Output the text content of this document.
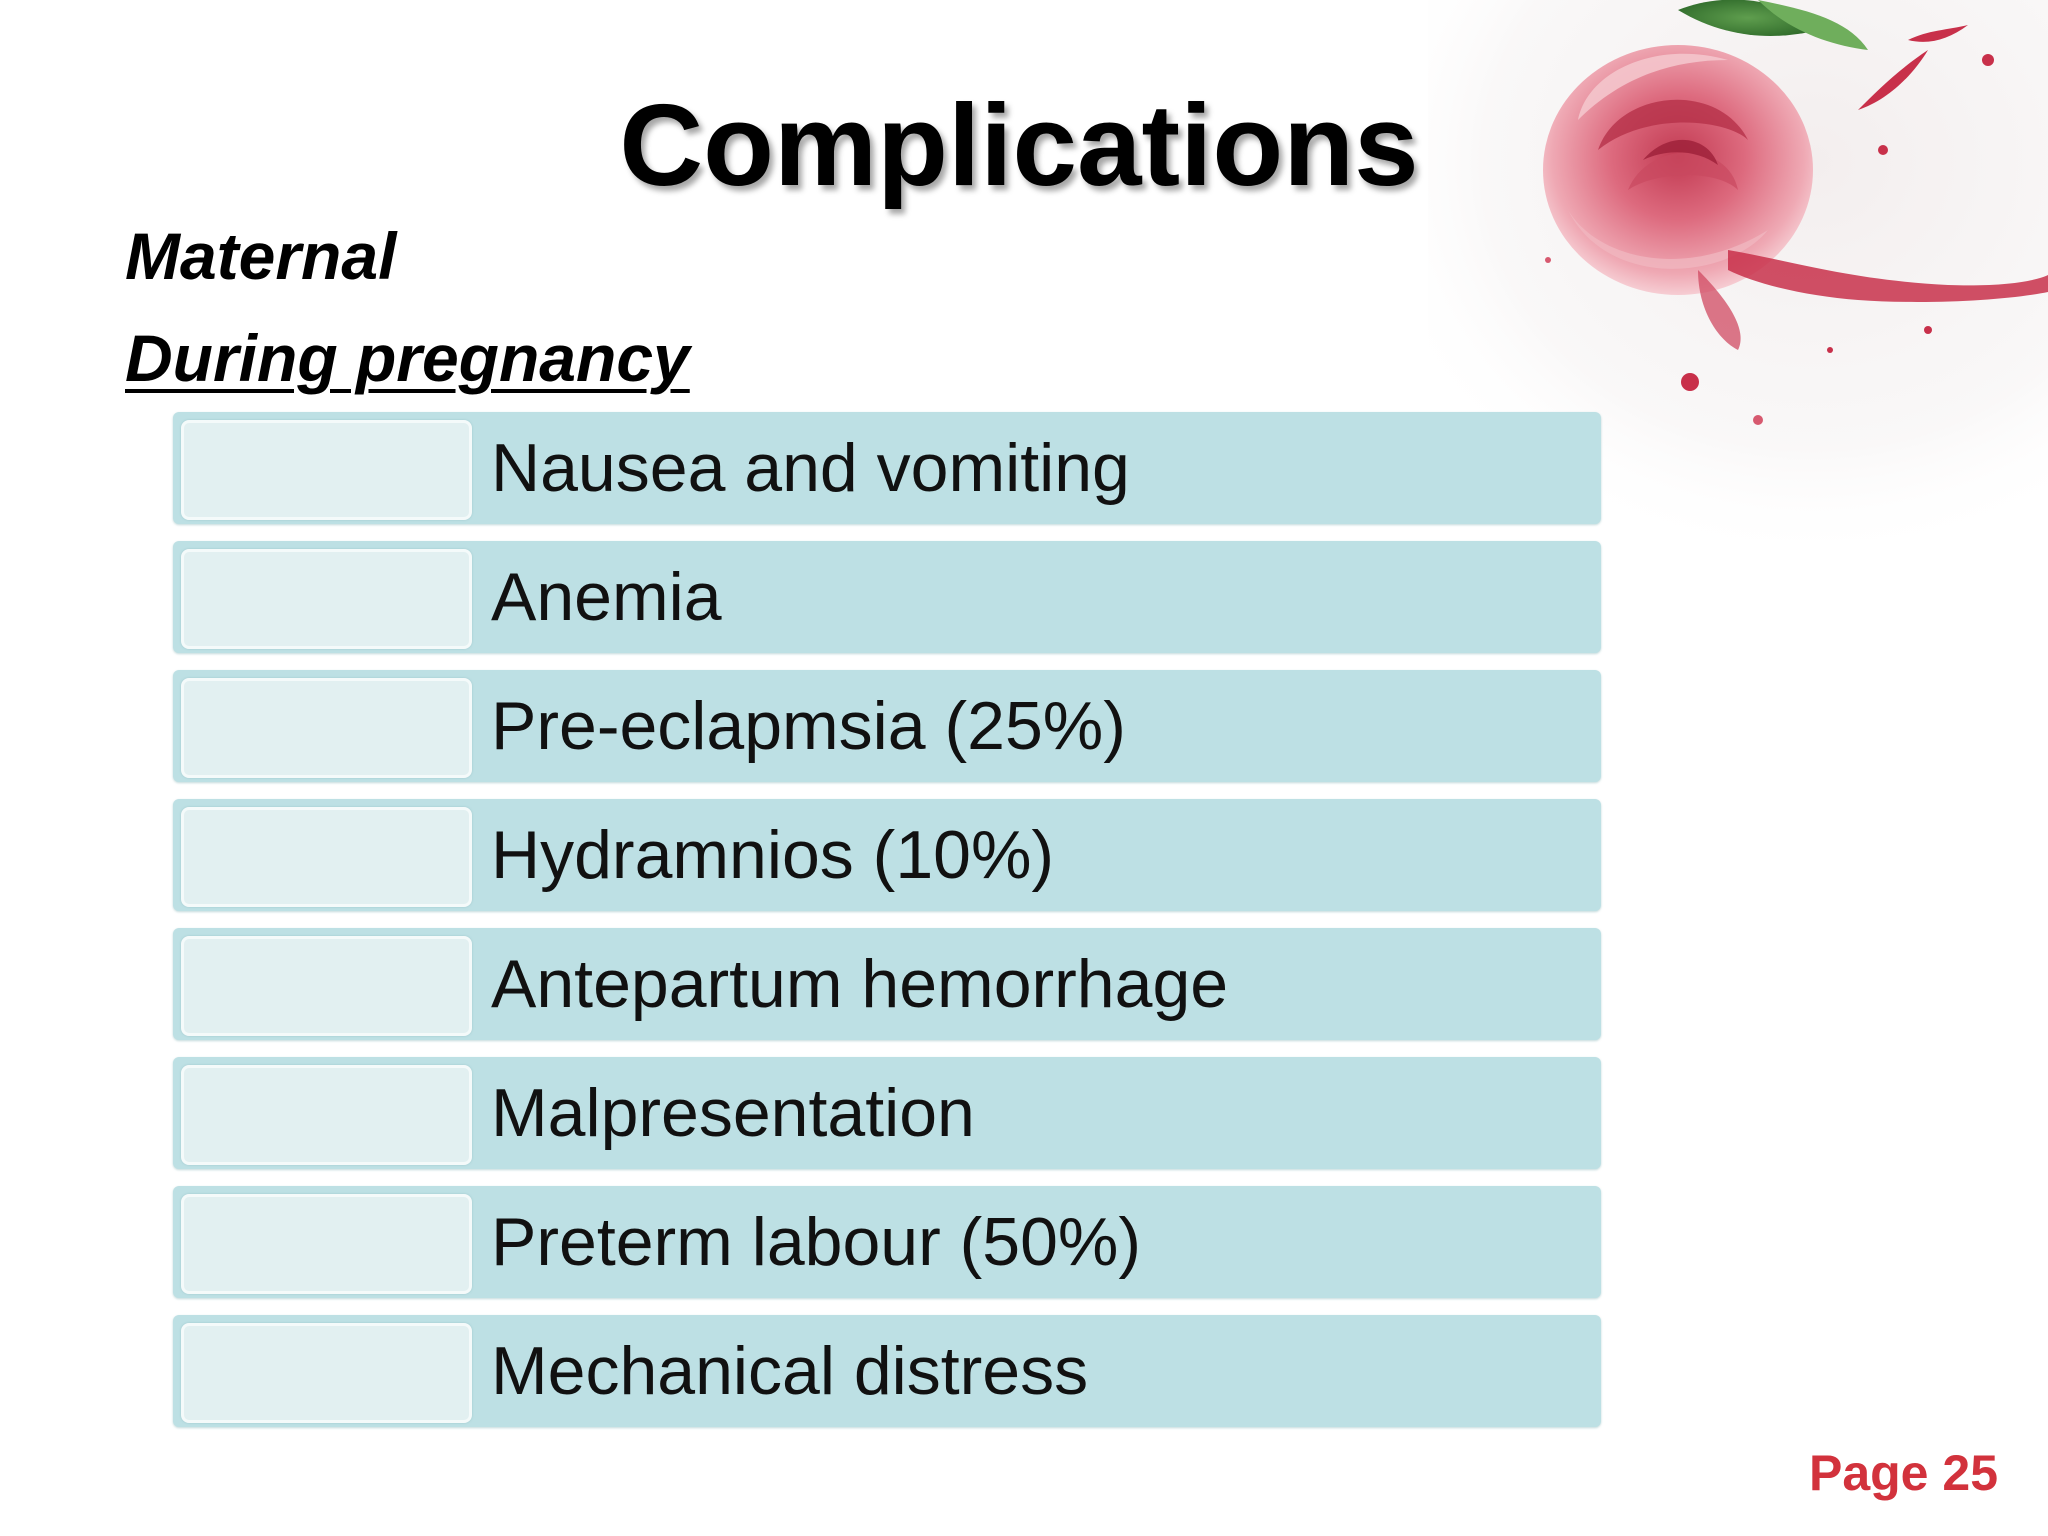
Complications

Maternal

During pregnancy

Nausea and vomiting
Anemia
Pre-eclapmsia (25%)
Hydramnios (10%)
Antepartum hemorrhage
Malpresentation
Preterm labour (50%)
Mechanical distress

Page 25
